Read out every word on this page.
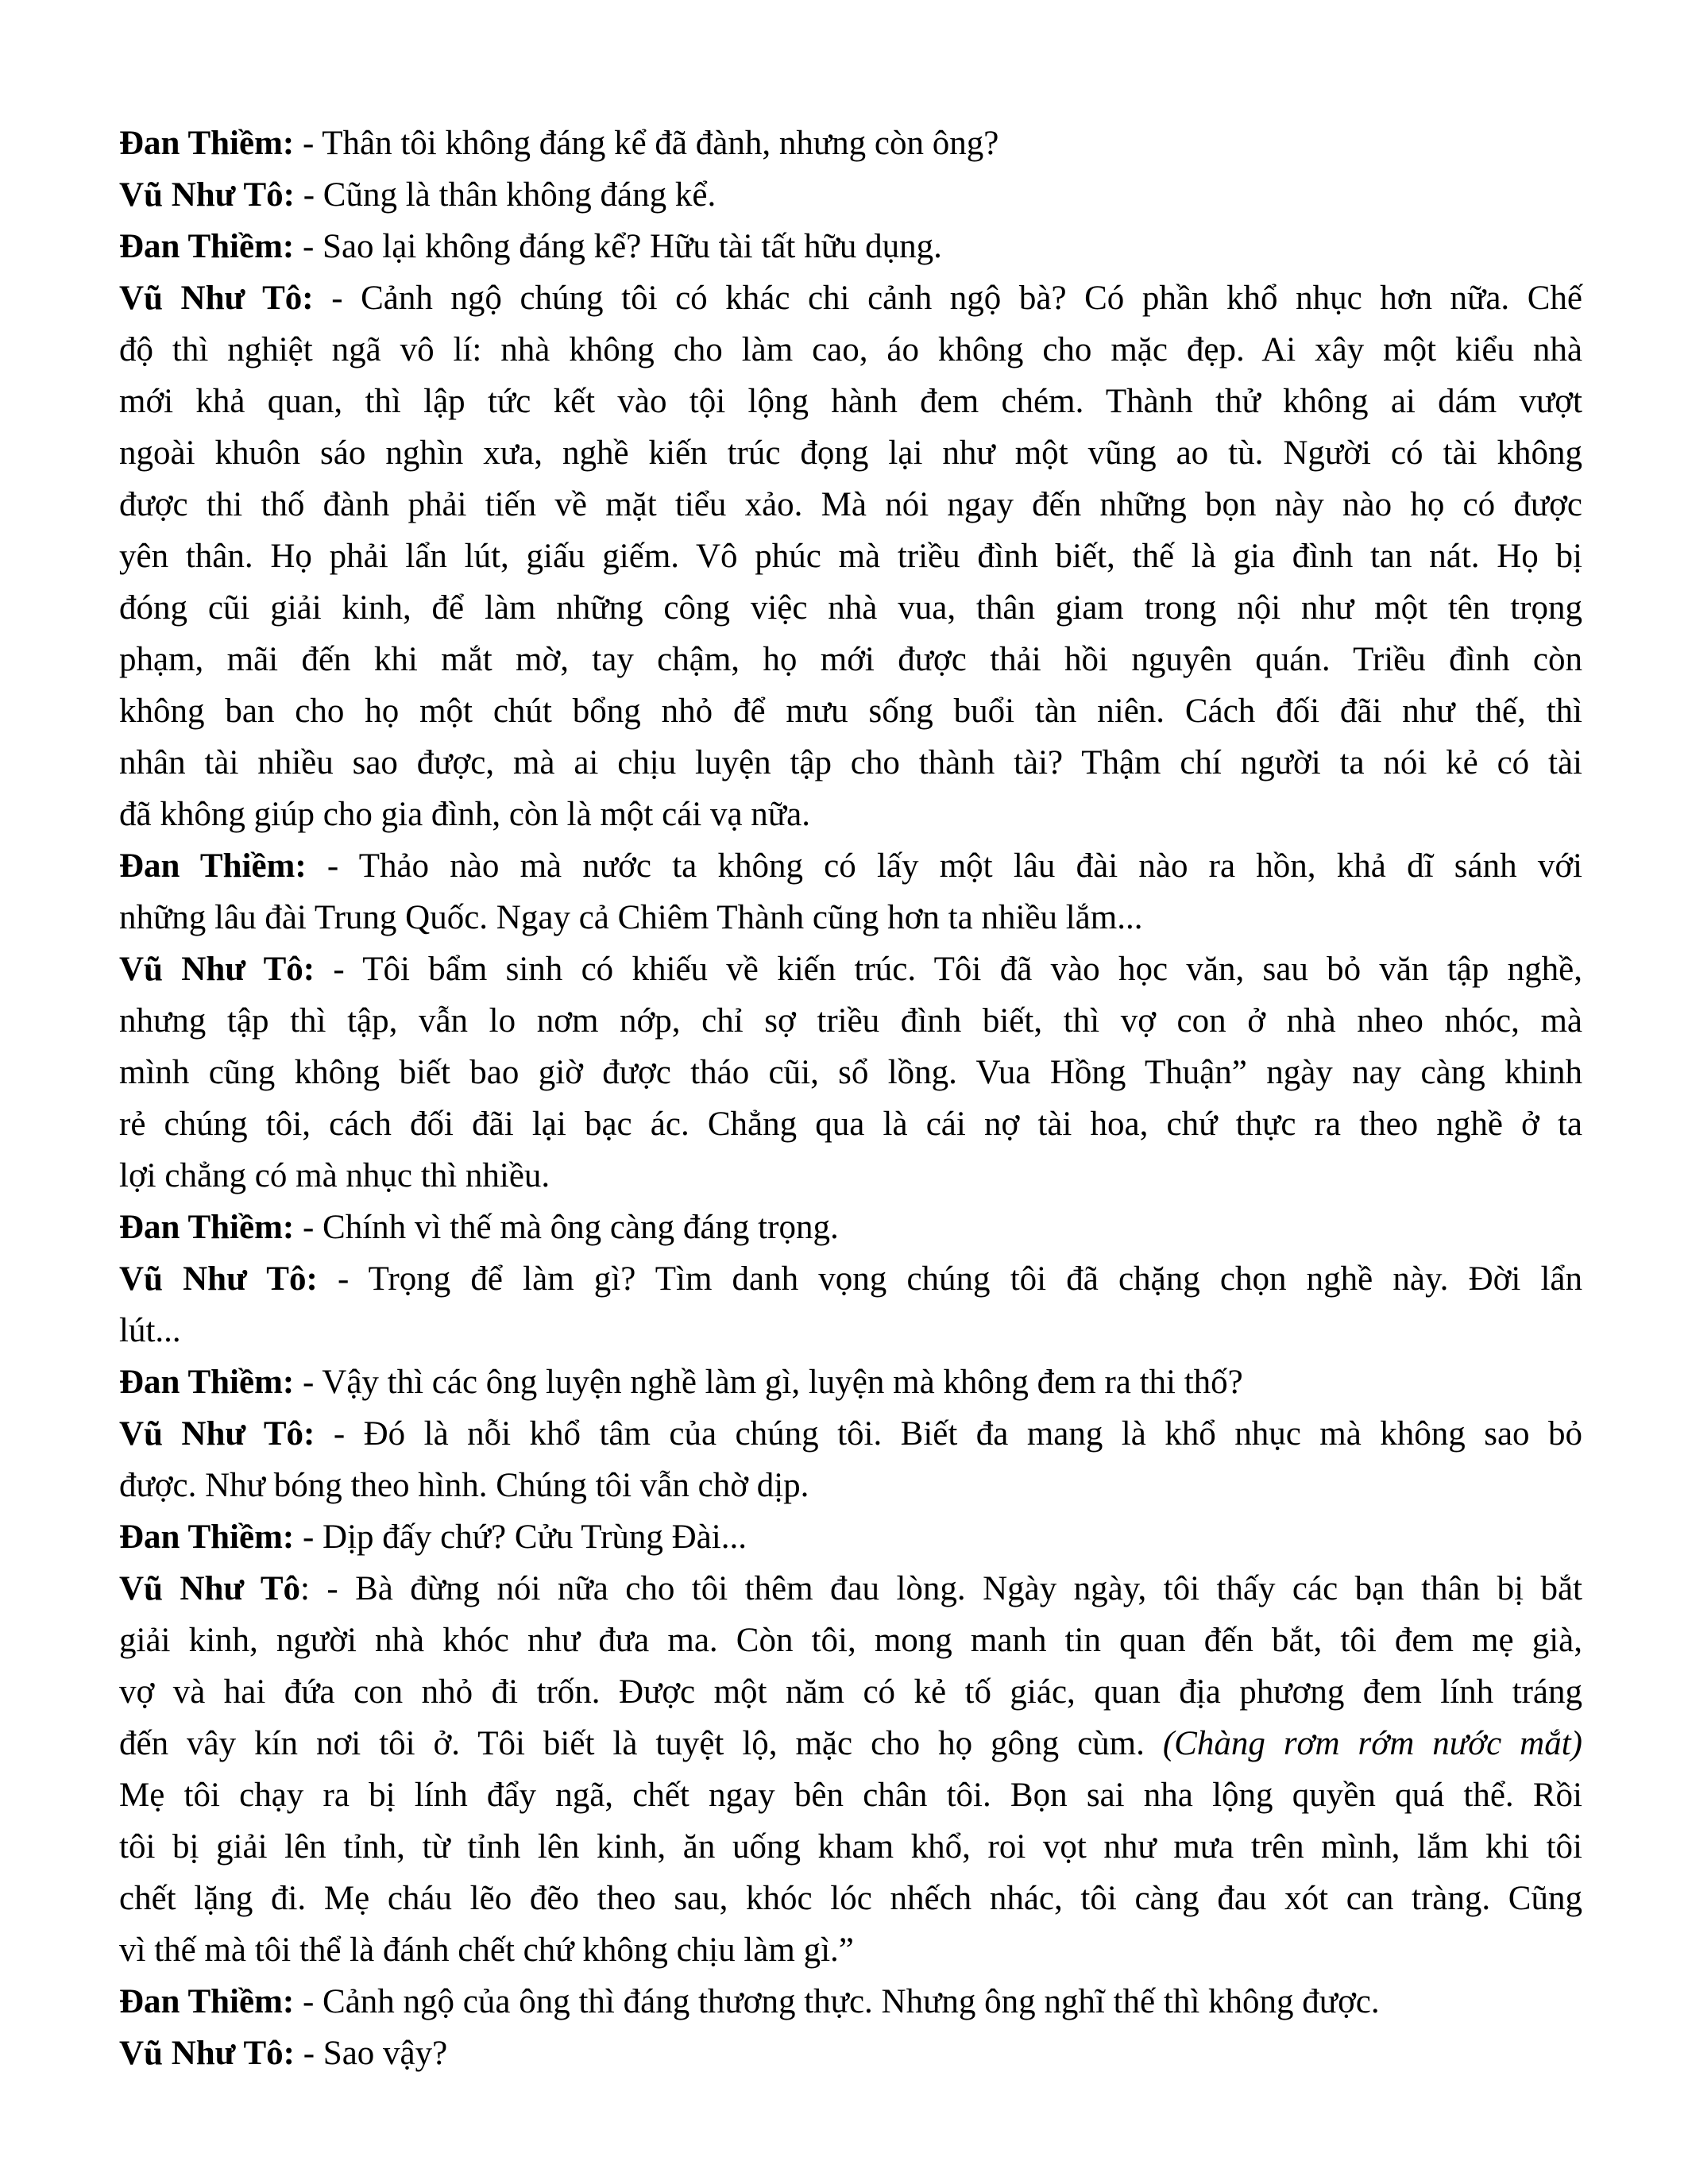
Đan Thiềm: - Thân tôi không đáng kể đã đành, nhưng còn ông?

Vũ Như Tô: - Cũng là thân không đáng kể.

Đan Thiềm: - Sao lại không đáng kể? Hữu tài tất hữu dụng.

Vũ Như Tô: - Cảnh ngộ chúng tôi có khác chi cảnh ngộ bà? Có phần khổ nhục hơn nữa. Chế

độ thì nghiệt ngã vô lí: nhà không cho làm cao, áo không cho mặc đẹp. Ai xây một kiểu nhà

mới khả quan, thì lập tức kết vào tội lộng hành đem chém. Thành thử không ai dám vượt

ngoài khuôn sáo nghìn xưa, nghề kiến trúc đọng lại như một vũng ao tù. Người có tài không

được thi thố đành phải tiến về mặt tiểu xảo. Mà nói ngay đến những bọn này nào họ có được

yên thân. Họ phải lẩn lút, giấu giếm. Vô phúc mà triều đình biết, thế là gia đình tan nát. Họ bị

đóng cũi giải kinh, để làm những công việc nhà vua, thân giam trong nội như một tên trọng

phạm, mãi đến khi mắt mờ, tay chậm, họ mới được thải hồi nguyên quán. Triều đình còn

không ban cho họ một chút bổng nhỏ để mưu sống buổi tàn niên. Cách đối đãi như thế, thì

nhân tài nhiều sao được, mà ai chịu luyện tập cho thành tài? Thậm chí người ta nói kẻ có tài

đã không giúp cho gia đình, còn là một cái vạ nữa.

Đan Thiềm: - Thảo nào mà nước ta không có lấy một lâu đài nào ra hồn, khả dĩ sánh với

những lâu đài Trung Quốc. Ngay cả Chiêm Thành cũng hơn ta nhiều lắm...

Vũ Như Tô: - Tôi bẩm sinh có khiếu về kiến trúc. Tôi đã vào học văn, sau bỏ văn tập nghề,

nhưng tập thì tập, vẫn lo nơm nớp, chỉ sợ triều đình biết, thì vợ con ở nhà nheo nhóc, mà

mình cũng không biết bao giờ được tháo cũi, sổ lồng. Vua Hồng Thuận” ngày nay càng khinh

rẻ chúng tôi, cách đối đãi lại bạc ác. Chẳng qua là cái nợ tài hoa, chứ thực ra theo nghề ở ta

lợi chẳng có mà nhục thì nhiều.

Đan Thiềm: - Chính vì thế mà ông càng đáng trọng.

Vũ Như Tô: - Trọng để làm gì? Tìm danh vọng chúng tôi đã chặng chọn nghề này. Đời lẩn

lút...

Đan Thiềm: - Vậy thì các ông luyện nghề làm gì, luyện mà không đem ra thi thố?

Vũ Như Tô: - Đó là nỗi khổ tâm của chúng tôi. Biết đa mang là khổ nhục mà không sao bỏ

được. Như bóng theo hình. Chúng tôi vẫn chờ dịp.

Đan Thiềm: - Dịp đấy chứ? Cửu Trùng Đài...

Vũ Như Tô: - Bà đừng nói nữa cho tôi thêm đau lòng. Ngày ngày, tôi thấy các bạn thân bị bắt

giải kinh, người nhà khóc như đưa ma. Còn tôi, mong manh tin quan đến bắt, tôi đem mẹ già,

vợ và hai đứa con nhỏ đi trốn. Được một năm có kẻ tố giác, quan địa phương đem lính tráng

đến vây kín nơi tôi ở. Tôi biết là tuyệt lộ, mặc cho họ gông cùm. (Chàng rơm rớm nước mắt)

Mẹ tôi chạy ra bị lính đẩy ngã, chết ngay bên chân tôi. Bọn sai nha lộng quyền quá thể. Rồi

tôi bị giải lên tỉnh, từ tỉnh lên kinh, ăn uống kham khổ, roi vọt như mưa trên mình, lắm khi tôi

chết lặng đi. Mẹ cháu lẽo đẽo theo sau, khóc lóc nhếch nhác, tôi càng đau xót can tràng. Cũng

vì thế mà tôi thể là đánh chết chứ không chịu làm gì.”

Đan Thiềm: - Cảnh ngộ của ông thì đáng thương thực. Nhưng ông nghĩ thế thì không được.

Vũ Như Tô: - Sao vậy?
